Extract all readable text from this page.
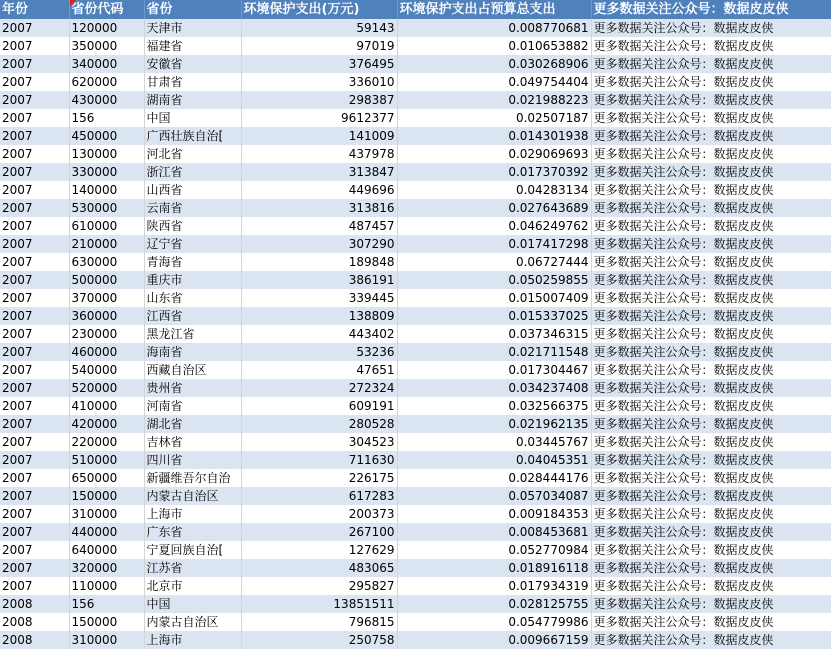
年份	省份代码	省份	环境保护支出(万元)	环境保护支出占预算总支出	更多数据关注公众号：数据皮皮侠
2007	120000	天津市	59143	0.008770681	更多数据关注公众号：数据皮皮侠
2007	350000	福建省	97019	0.010653882	更多数据关注公众号：数据皮皮侠
2007	340000	安徽省	376495	0.030268906	更多数据关注公众号：数据皮皮侠
2007	620000	甘肃省	336010	0.049754404	更多数据关注公众号：数据皮皮侠
2007	430000	湖南省	298387	0.021988223	更多数据关注公众号：数据皮皮侠
2007	156	中国	9612377	0.02507187	更多数据关注公众号：数据皮皮侠
2007	450000	广西壮族自治[	141009	0.014301938	更多数据关注公众号：数据皮皮侠
2007	130000	河北省	437978	0.029069693	更多数据关注公众号：数据皮皮侠
2007	330000	浙江省	313847	0.017370392	更多数据关注公众号：数据皮皮侠
2007	140000	山西省	449696	0.04283134	更多数据关注公众号：数据皮皮侠
2007	530000	云南省	313816	0.027643689	更多数据关注公众号：数据皮皮侠
2007	610000	陕西省	487457	0.046249762	更多数据关注公众号：数据皮皮侠
2007	210000	辽宁省	307290	0.017417298	更多数据关注公众号：数据皮皮侠
2007	630000	青海省	189848	0.06727444	更多数据关注公众号：数据皮皮侠
2007	500000	重庆市	386191	0.050259855	更多数据关注公众号：数据皮皮侠
2007	370000	山东省	339445	0.015007409	更多数据关注公众号：数据皮皮侠
2007	360000	江西省	138809	0.015337025	更多数据关注公众号：数据皮皮侠
2007	230000	黑龙江省	443402	0.037346315	更多数据关注公众号：数据皮皮侠
2007	460000	海南省	53236	0.021711548	更多数据关注公众号：数据皮皮侠
2007	540000	西藏自治区	47651	0.017304467	更多数据关注公众号：数据皮皮侠
2007	520000	贵州省	272324	0.034237408	更多数据关注公众号：数据皮皮侠
2007	410000	河南省	609191	0.032566375	更多数据关注公众号：数据皮皮侠
2007	420000	湖北省	280528	0.021962135	更多数据关注公众号：数据皮皮侠
2007	220000	吉林省	304523	0.03445767	更多数据关注公众号：数据皮皮侠
2007	510000	四川省	711630	0.04045351	更多数据关注公众号：数据皮皮侠
2007	650000	新疆维吾尔自治	226175	0.028444176	更多数据关注公众号：数据皮皮侠
2007	150000	内蒙古自治区	617283	0.057034087	更多数据关注公众号：数据皮皮侠
2007	310000	上海市	200373	0.009184353	更多数据关注公众号：数据皮皮侠
2007	440000	广东省	267100	0.008453681	更多数据关注公众号：数据皮皮侠
2007	640000	宁夏回族自治[	127629	0.052770984	更多数据关注公众号：数据皮皮侠
2007	320000	江苏省	483065	0.018916118	更多数据关注公众号：数据皮皮侠
2007	110000	北京市	295827	0.017934319	更多数据关注公众号：数据皮皮侠
2008	156	中国	13851511	0.028125755	更多数据关注公众号：数据皮皮侠
2008	150000	内蒙古自治区	796815	0.054779986	更多数据关注公众号：数据皮皮侠
2008	310000	上海市	250758	0.009667159	更多数据关注公众号：数据皮皮侠
